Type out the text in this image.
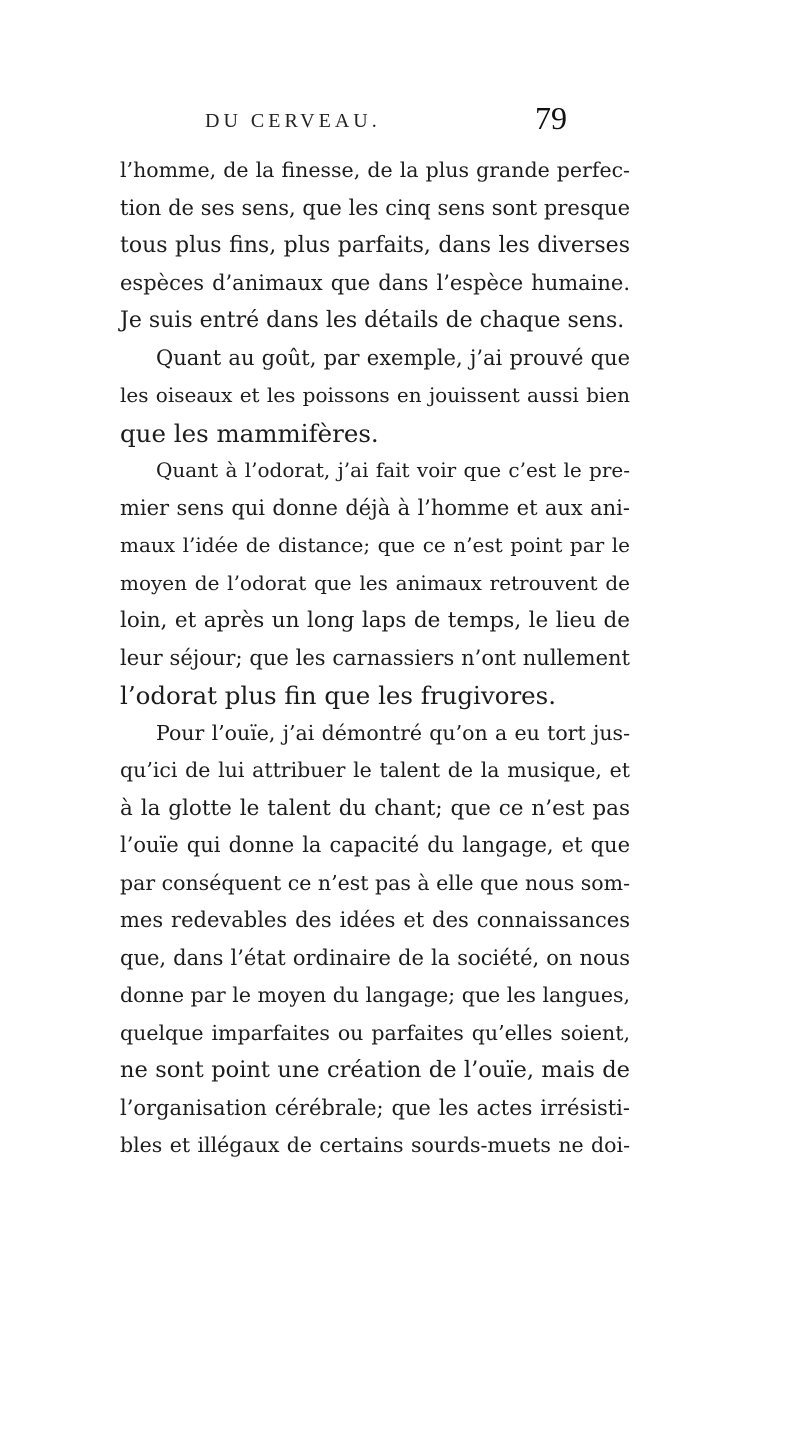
DU CERVEAU.	79
l’homme, de la finesse, de la plus grande perfec-
tion de ses sens, que les cinq sens sont presque
tous plus fins, plus parfaits, dans les diverses
espèces d’animaux que dans l’espèce humaine.
Je suis entré dans les détails de chaque sens.
Quant au goût, par exemple, j’ai prouvé que
les oiseaux et les poissons en jouissent aussi bien
que les mammifères.
Quant à l’odorat, j’ai fait voir que c’est le pre-
mier sens qui donne déjà à l’homme et aux ani-
maux l’idée de distance; que ce n’est point par le
moyen de l’odorat que les animaux retrouvent de
loin, et après un long laps de temps, le lieu de
leur séjour; que les carnassiers n’ont nullement
l’odorat plus fin que les frugivores.
Pour l’ouïe, j’ai démontré qu’on a eu tort jus-
qu’ici de lui attribuer le talent de la musique, et
à la glotte le talent du chant; que ce n’est pas
l’ouïe qui donne la capacité du langage, et que
par conséquent ce n’est pas à elle que nous som-
mes redevables des idées et des connaissances
que, dans l’état ordinaire de la société, on nous
donne par le moyen du langage; que les langues,
quelque imparfaites ou parfaites qu’elles soient,
ne sont point une création de l’ouïe, mais de
l’organisation cérébrale; que les actes irrésisti-
bles et illégaux de certains sourds-muets ne doi-
